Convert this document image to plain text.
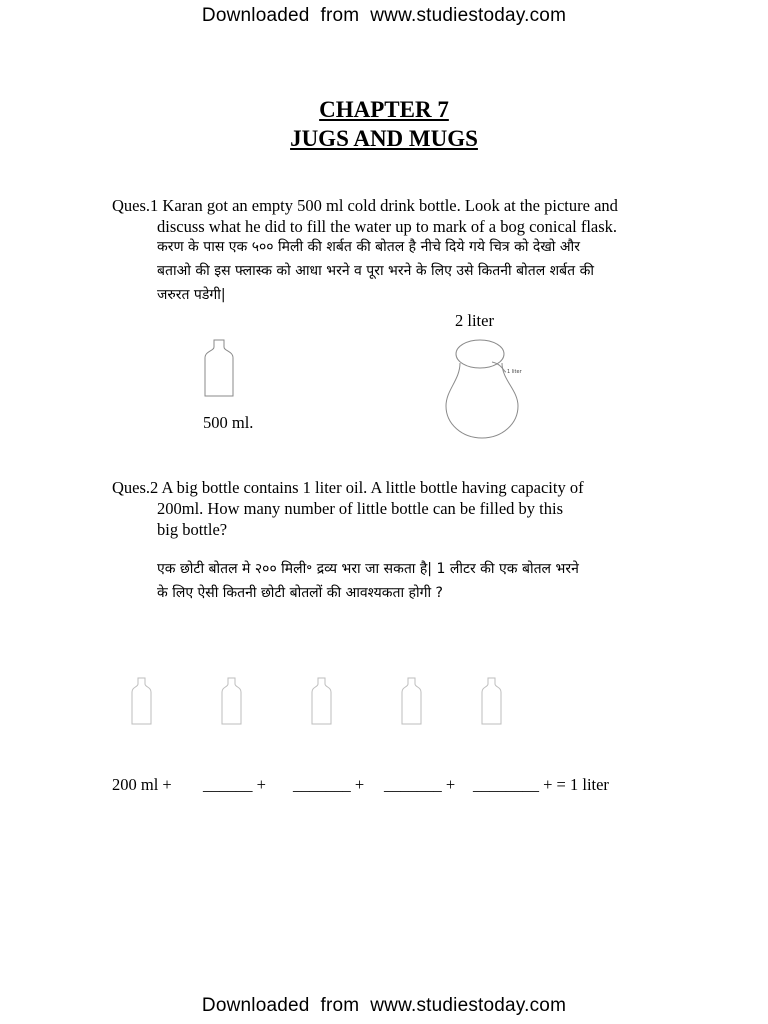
Downloaded  from  www.studiestoday.com
CHAPTER 7
JUGS AND MUGS
Ques.1 Karan got an empty 500 ml cold drink bottle. Look at the picture and
discuss what he did to fill the water up to mark of a bog conical flask.
करण के पास एक ५०० मिली की शर्बत की बोतल है नीचे दिये गये चित्र को देखो और
बताओ की इस फ्लास्क को आधा भरने व पूरा भरने के लिए उसे कितनी बोतल शर्बत की
जरुरत पडेगी|
2 liter
500 ml.
1 liter
Ques.2 A big bottle contains 1 liter oil. A little bottle having capacity of
200ml. How many number of little bottle can be filled by this
big bottle?
एक छोटी बोतल मे २०० मिली॰ द्रव्य भरा जा सकता है| 1 लीटर की एक बोतल भरने
के लिए ऐसी कितनी छोटी बोतलों की आवश्यकता होगी ?
200 ml + ______ + _______ + _______ + ________ + = 1 liter
Downloaded  from  www.studiestoday.com
